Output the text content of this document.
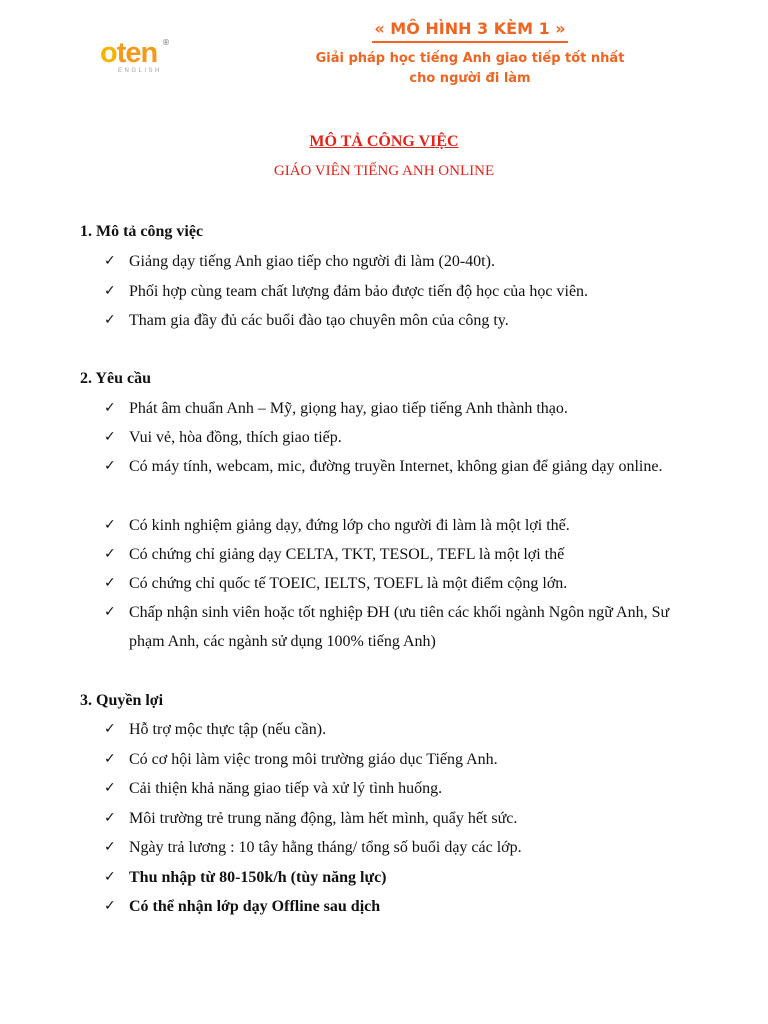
oten ®
ENGLISH
« MÔ HÌNH 3 KÈM 1 »
Giải pháp học tiếng Anh giao tiếp tốt nhất
cho người đi làm
MÔ TẢ CÔNG VIỆC
GIÁO VIÊN TIẾNG ANH ONLINE
1. Mô tả công việc
✓ Giảng dạy tiếng Anh giao tiếp cho người đi làm (20-40t).
✓ Phối hợp cùng team chất lượng đảm bảo được tiến độ học của học viên.
✓ Tham gia đầy đủ các buổi đào tạo chuyên môn của công ty.
2. Yêu cầu
✓ Phát âm chuẩn Anh – Mỹ, giọng hay, giao tiếp tiếng Anh thành thạo.
✓ Vui vẻ, hòa đồng, thích giao tiếp.
✓ Có máy tính, webcam, mic, đường truyền Internet, không gian để giảng dạy online.
✓ Có kinh nghiệm giảng dạy, đứng lớp cho người đi làm là một lợi thế.
✓ Có chứng chỉ giảng dạy CELTA, TKT, TESOL, TEFL là một lợi thế
✓ Có chứng chỉ quốc tế TOEIC, IELTS, TOEFL là một điểm cộng lớn.
✓ Chấp nhận sinh viên hoặc tốt nghiệp ĐH (ưu tiên các khối ngành Ngôn ngữ Anh, Sư phạm Anh, các ngành sử dụng 100% tiếng Anh)
3. Quyền lợi
✓ Hỗ trợ mộc thực tập (nếu cần).
✓ Có cơ hội làm việc trong môi trường giáo dục Tiếng Anh.
✓ Cải thiện khả năng giao tiếp và xử lý tình huống.
✓ Môi trường trẻ trung năng động, làm hết mình, quẩy hết sức.
✓ Ngày trả lương : 10 tây hằng tháng/ tổng số buổi dạy các lớp.
✓ Thu nhập từ 80-150k/h (tùy năng lực)
✓ Có thể nhận lớp dạy Offline sau dịch
